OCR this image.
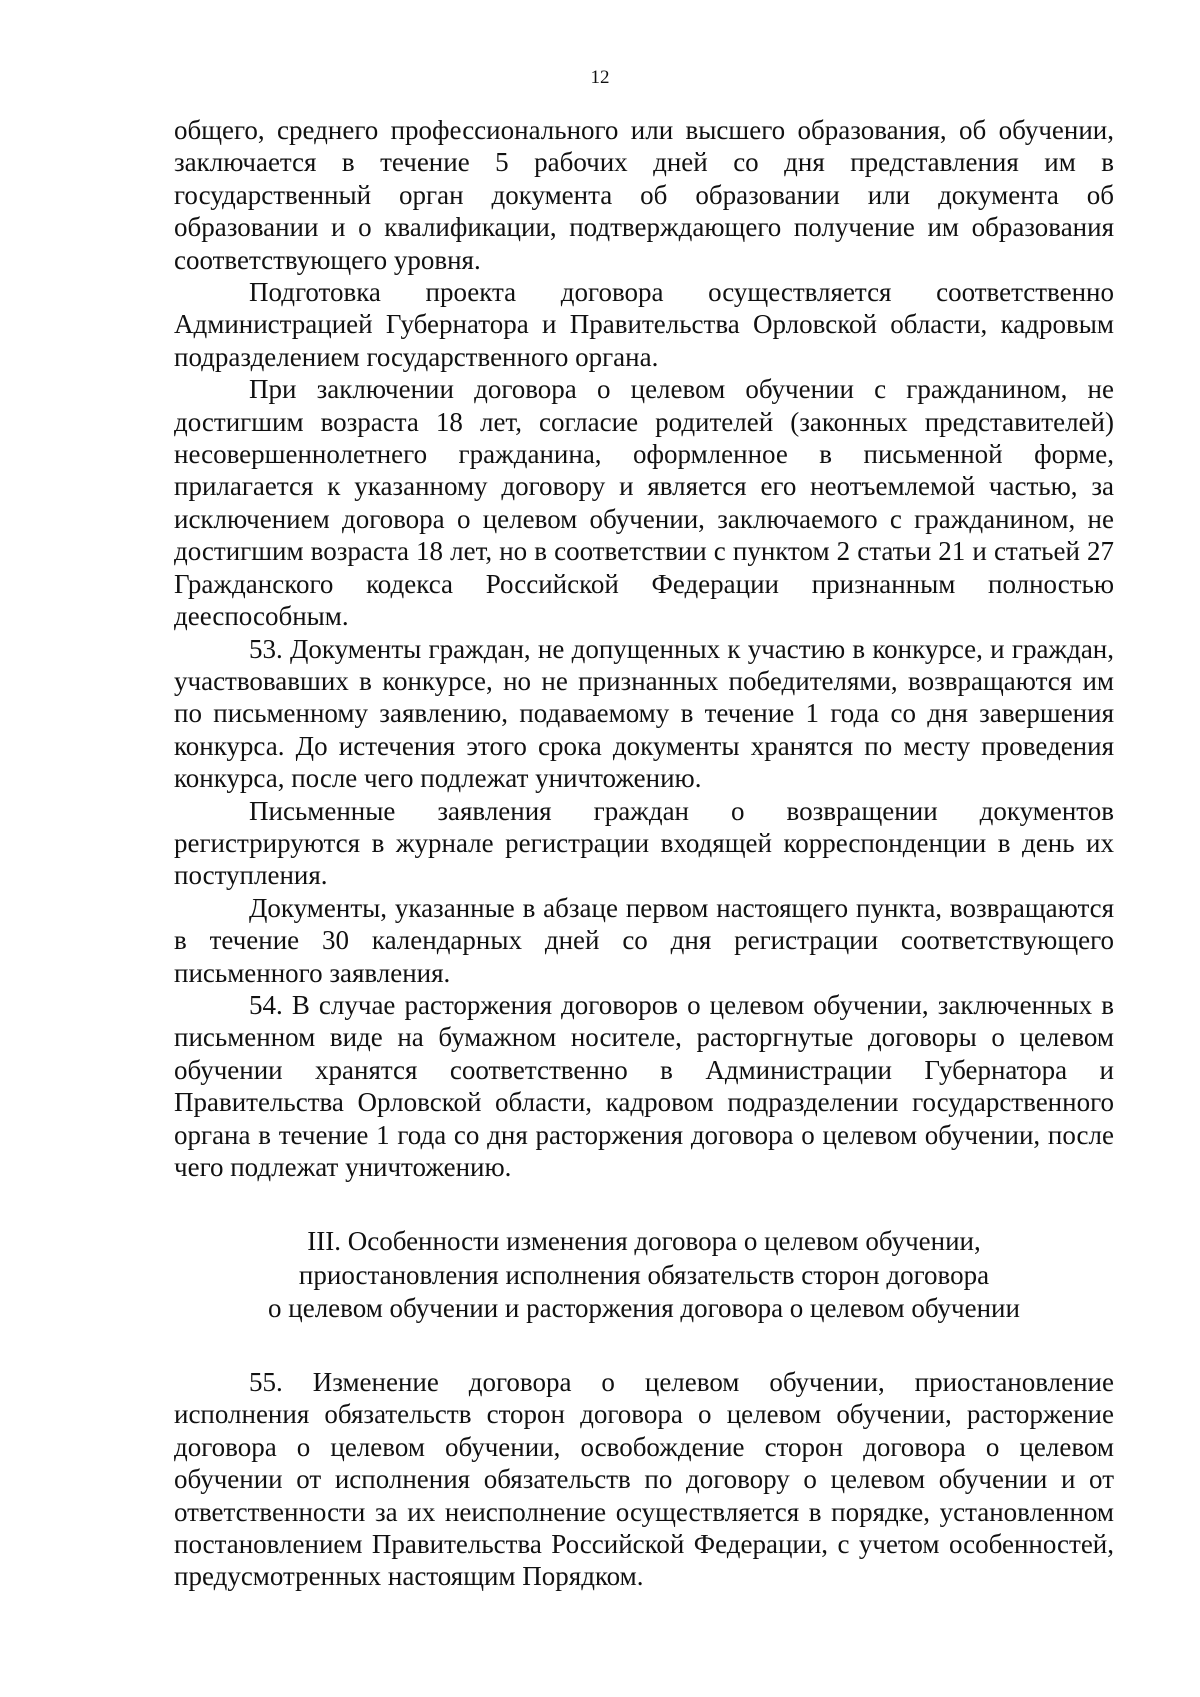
12

общего, среднего профессионального или высшего образования, об обучении, заключается в течение 5 рабочих дней со дня представления им в государственный орган документа об образовании или документа об образовании и о квалификации, подтверждающего получение им образования соответствующего уровня.

Подготовка проекта договора осуществляется соответственно Администрацией Губернатора и Правительства Орловской области, кадровым подразделением государственного органа.

При заключении договора о целевом обучении с гражданином, не достигшим возраста 18 лет, согласие родителей (законных представителей) несовершеннолетнего гражданина, оформленное в письменной форме, прилагается к указанному договору и является его неотъемлемой частью, за исключением договора о целевом обучении, заключаемого с гражданином, не достигшим возраста 18 лет, но в соответствии с пунктом 2 статьи 21 и статьей 27 Гражданского кодекса Российской Федерации признанным полностью дееспособным.

53. Документы граждан, не допущенных к участию в конкурсе, и граждан, участвовавших в конкурсе, но не признанных победителями, возвращаются им по письменному заявлению, подаваемому в течение 1 года со дня завершения конкурса. До истечения этого срока документы хранятся по месту проведения конкурса, после чего подлежат уничтожению.

Письменные заявления граждан о возвращении документов регистрируются в журнале регистрации входящей корреспонденции в день их поступления.

Документы, указанные в абзаце первом настоящего пункта, возвращаются в течение 30 календарных дней со дня регистрации соответствующего письменного заявления.

54. В случае расторжения договоров о целевом обучении, заключенных в письменном виде на бумажном носителе, расторгнутые договоры о целевом обучении хранятся соответственно в Администрации Губернатора и Правительства Орловской области, кадровом подразделении государственного органа в течение 1 года со дня расторжения договора о целевом обучении, после чего подлежат уничтожению.

III. Особенности изменения договора о целевом обучении,
приостановления исполнения обязательств сторон договора
о целевом обучении и расторжения договора о целевом обучении

55. Изменение договора о целевом обучении, приостановление исполнения обязательств сторон договора о целевом обучении, расторжение договора о целевом обучении, освобождение сторон договора о целевом обучении от исполнения обязательств по договору о целевом обучении и от ответственности за их неисполнение осуществляется в порядке, установленном постановлением Правительства Российской Федерации, с учетом особенностей, предусмотренных настоящим Порядком.
